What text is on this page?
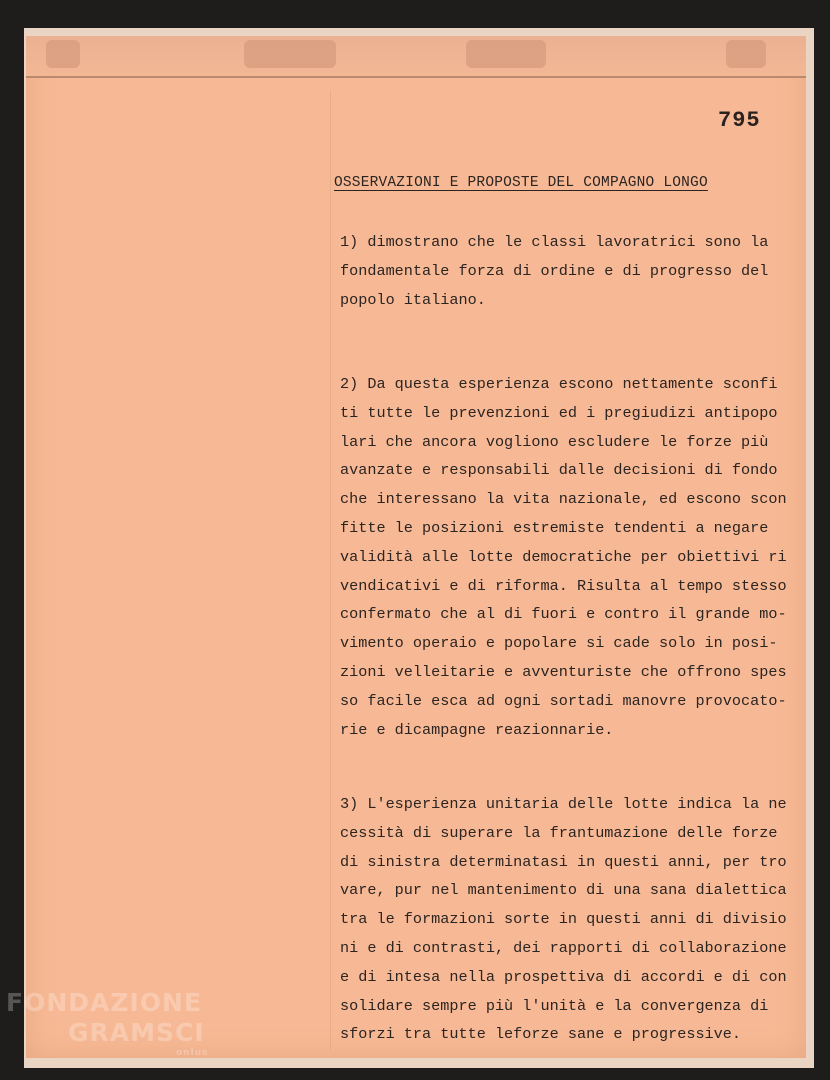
795
OSSERVAZIONI E PROPOSTE DEL COMPAGNO LONGO
1) dimostrano che le classi lavoratrici sono la
fondamentale forza di ordine e di progresso del
popolo italiano.
2) Da questa esperienza escono nettamente sconfi
ti tutte le prevenzioni ed i pregiudizi antipopo
lari che ancora vogliono escludere le forze più
avanzate e responsabili dalle decisioni di fondo
che interessano la vita nazionale, ed escono scon
fitte le posizioni estremiste tendenti a negare
validità alle lotte democratiche per obiettivi ri
vendicativi e di riforma. Risulta al tempo stesso
confermato che al di fuori e contro il grande mo-
vimento operaio e popolare si cade solo in posi-
zioni velleitarie e avventuriste che offrono spes
so facile esca ad ogni sortadi manovre provocato-
rie e dicampagne reazionnarie.
3) L'esperienza unitaria delle lotte indica la ne
cessità di superare la frantumazione delle forze
di sinistra determinatasi in questi anni, per tro
vare, pur nel mantenimento di una sana dialettica
tra le formazioni sorte in questi anni di divisio
ni e di contrasti, dei rapporti di collaborazione
e di intesa nella prospettiva di accordi e di con
solidare sempre più l'unità e la convergenza di
sforzi tra tutte leforze sane e progressive.
FONDAZIONE
GRAMSCI
onlus
